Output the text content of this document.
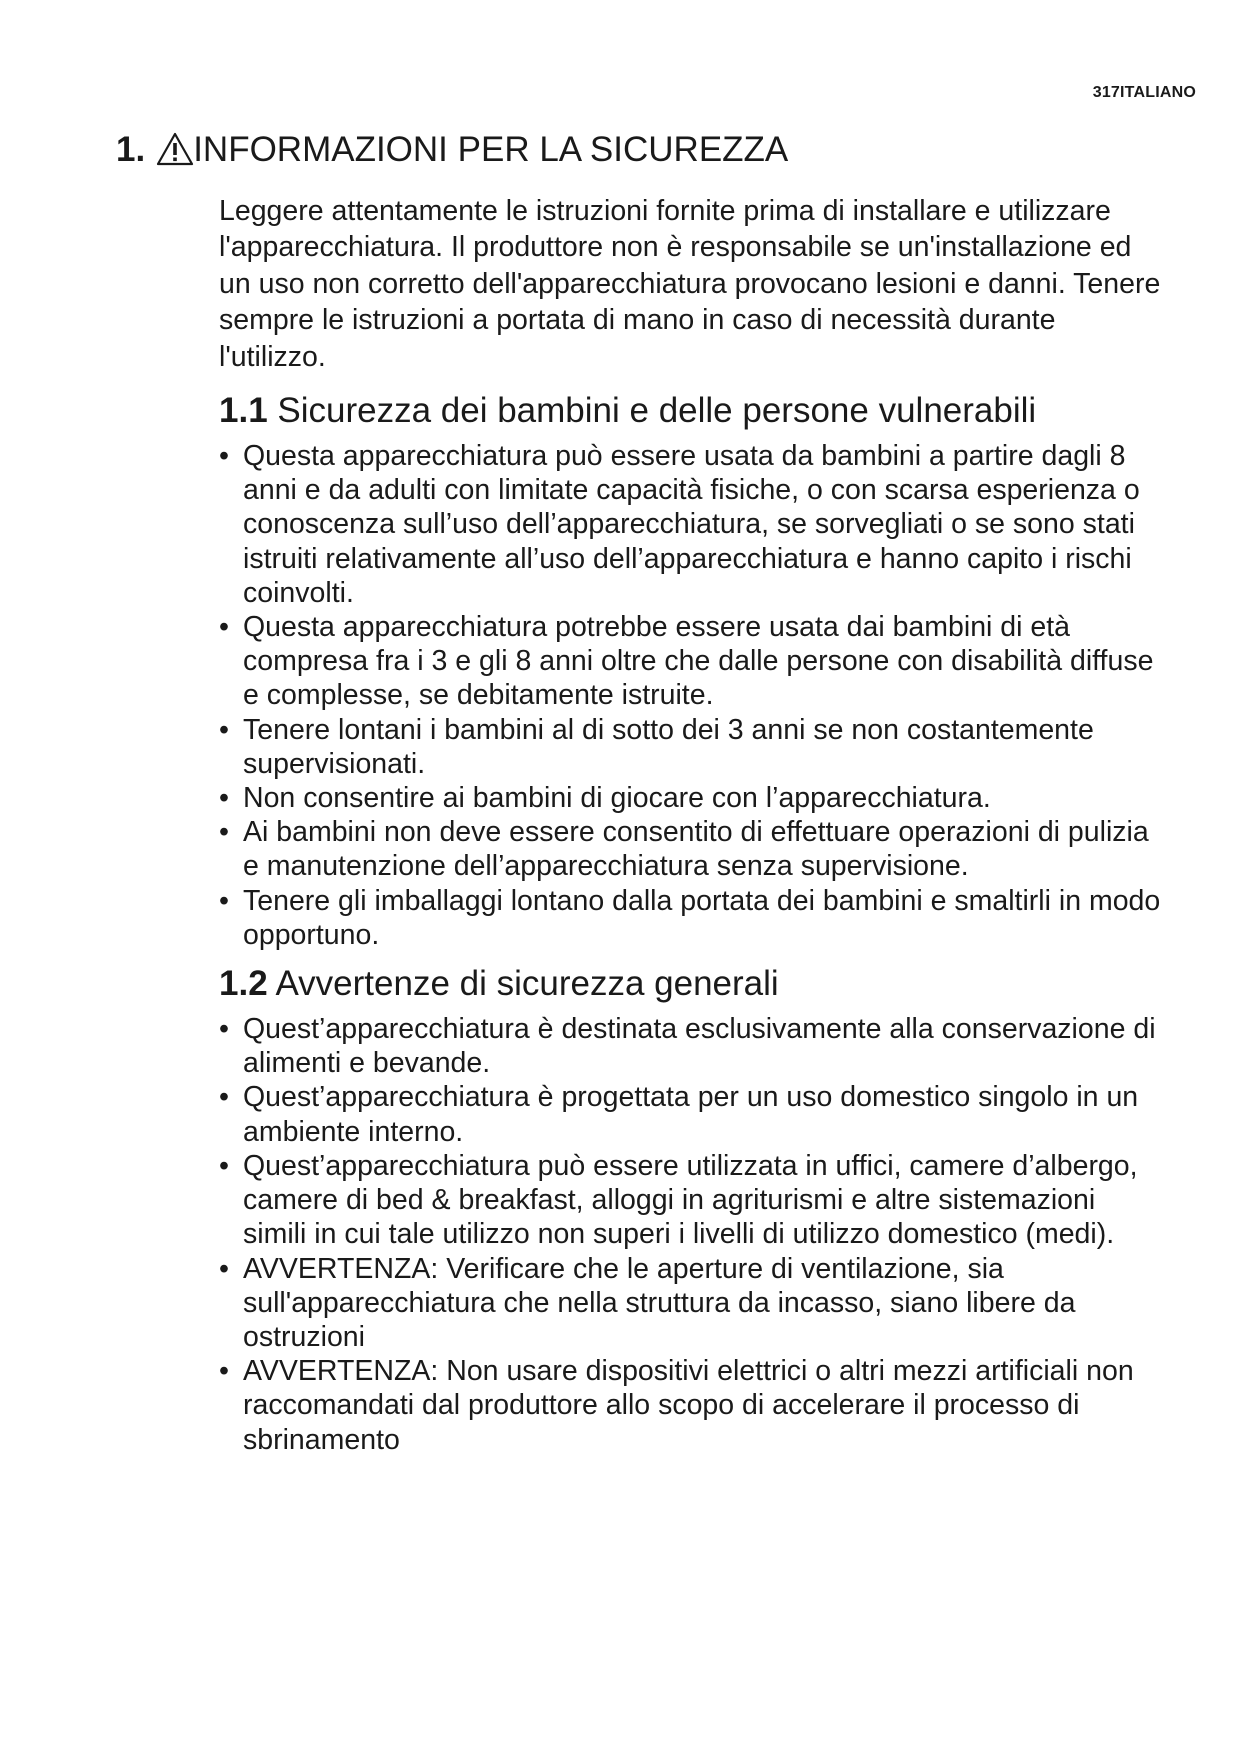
317ITALIANO
1. INFORMAZIONI PER LA SICUREZZA

Leggere attentamente le istruzioni fornite prima di installare e utilizzare l'apparecchiatura. Il produttore non è responsabile se un'installazione ed un uso non corretto dell'apparecchiatura provocano lesioni e danni. Tenere sempre le istruzioni a portata di mano in caso di necessità durante l'utilizzo.

1.1 Sicurezza dei bambini e delle persone vulnerabili
• Questa apparecchiatura può essere usata da bambini a partire dagli 8 anni e da adulti con limitate capacità fisiche, o con scarsa esperienza o conoscenza sull’uso dell’apparecchiatura, se sorvegliati o se sono stati istruiti relativamente all’uso dell’apparecchiatura e hanno capito i rischi coinvolti.
• Questa apparecchiatura potrebbe essere usata dai bambini di età compresa fra i 3 e gli 8 anni oltre che dalle persone con disabilità diffuse e complesse, se debitamente istruite.
• Tenere lontani i bambini al di sotto dei 3 anni se non costantemente supervisionati.
• Non consentire ai bambini di giocare con l’apparecchiatura.
• Ai bambini non deve essere consentito di effettuare operazioni di pulizia e manutenzione dell’apparecchiatura senza supervisione.
• Tenere gli imballaggi lontano dalla portata dei bambini e smaltirli in modo opportuno.
1.2 Avvertenze di sicurezza generali
• Quest’apparecchiatura è destinata esclusivamente alla conservazione di alimenti e bevande.
• Quest’apparecchiatura è progettata per un uso domestico singolo in un ambiente interno.
• Quest’apparecchiatura può essere utilizzata in uffici, camere d’albergo, camere di bed & breakfast, alloggi in agriturismi e altre sistemazioni simili in cui tale utilizzo non superi i livelli di utilizzo domestico (medi).
• AVVERTENZA: Verificare che le aperture di ventilazione, sia sull'apparecchiatura che nella struttura da incasso, siano libere da ostruzioni
• AVVERTENZA: Non usare dispositivi elettrici o altri mezzi artificiali non raccomandati dal produttore allo scopo di accelerare il processo di sbrinamento
